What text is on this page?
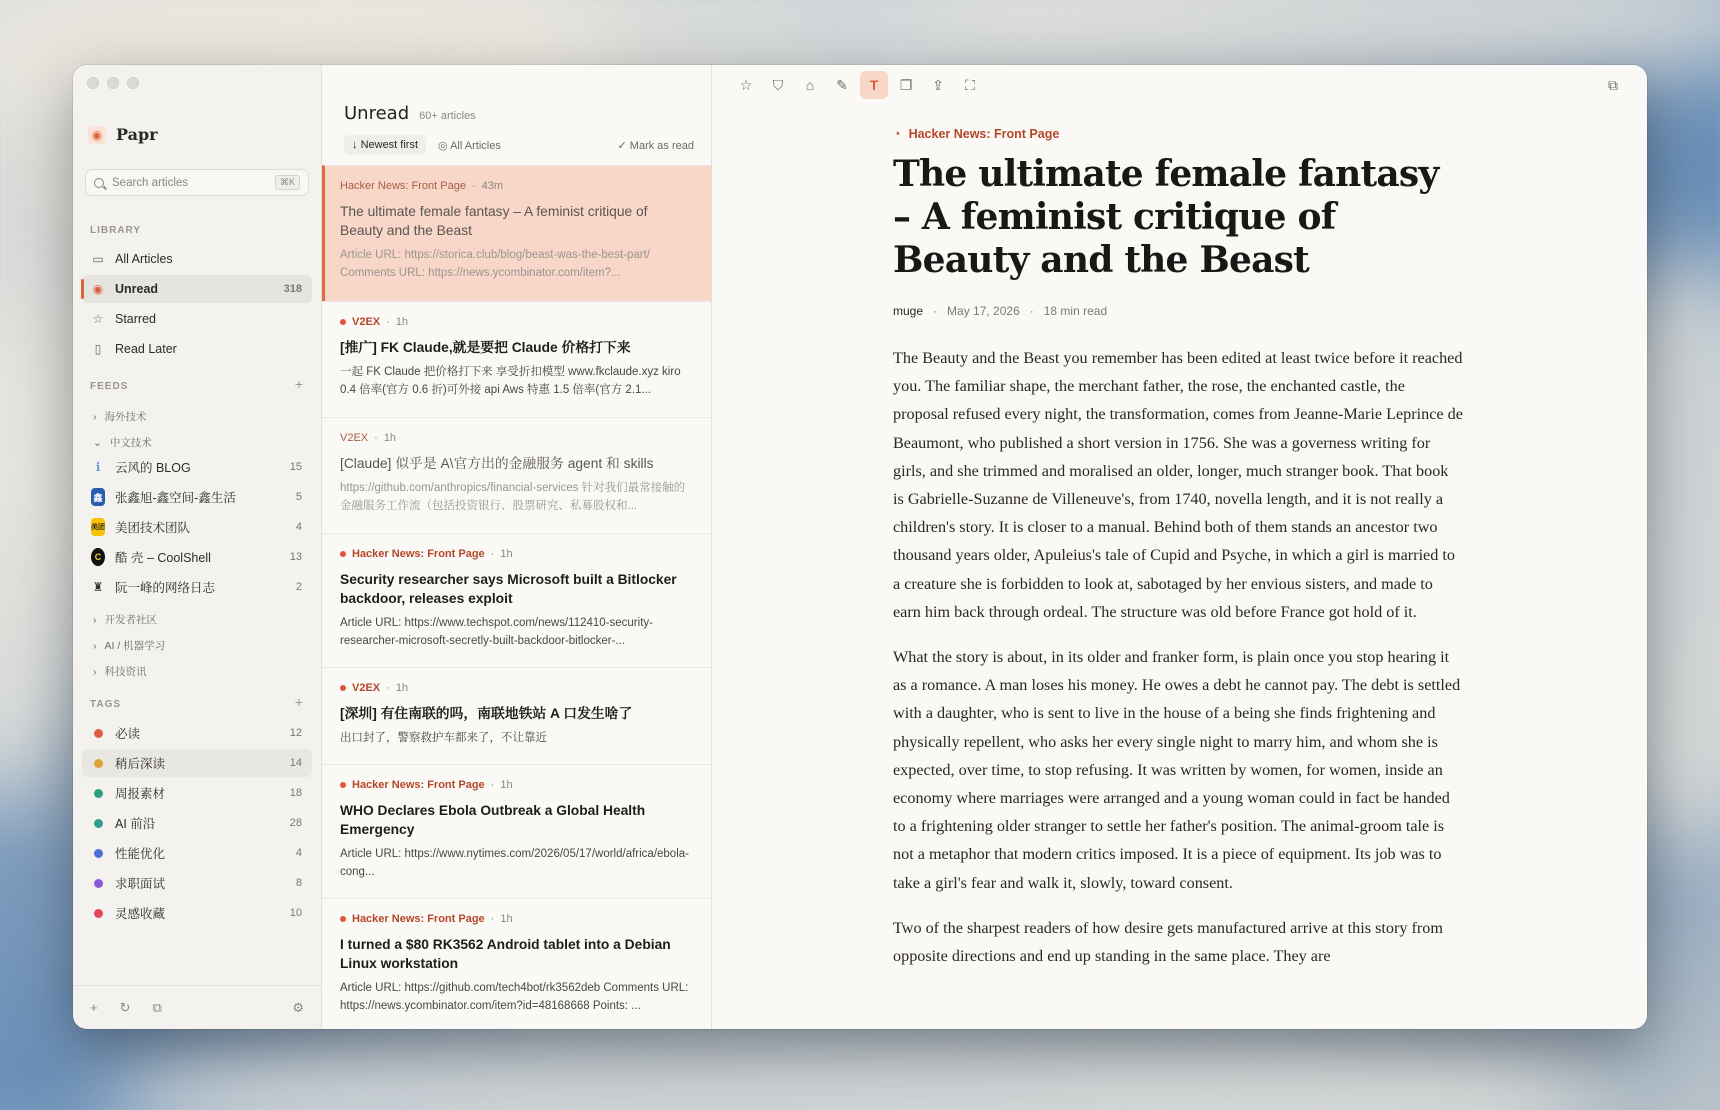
◉ Papr
Search articles	⌘K
LIBRARY
▭ All Articles
◉ Unread	318
☆ Starred
▯ Read Later
FEEDS	+
› 海外技术
⌄ 中文技术
ℹ	云风的 BLOG	15
鑫 张鑫旭-鑫空间-鑫生活	5
美团 美团技术团队	4
C	酷 壳 – CoolShell	13
♜ 阮一峰的网络日志	2
› 开发者社区
› AI / 机器学习
› 科技资讯
TAGS	+
必读	12
稍后深读	14
周报素材	18
AI 前沿	28
性能优化	4
求职面试	8
灵感收藏	10
+ ↻ ⧉	⚙
Unread 60+ articles
↓ Newest first	◎ All Articles	✓ Mark as read
Hacker News: Front Page · 43m
The ultimate female fantasy – A feminist critique of Beauty and the Beast
Article URL: https://storica.club/blog/beast-was-the-best-part/ Comments URL: https://news.ycombinator.com/item?...
V2EX · 1h
[推广] FK Claude,就是要把 Claude 价格打下来
一起 FK Claude 把价格打下来 享受折扣模型 www.fkclaude.xyz kiro 0.4 倍率(官方 0.6 折)可外接 api Aws 特惠 1.5 倍率(官方 2.1...
V2EX · 1h
[Claude] 似乎是 A\官方出的金融服务 agent 和 skills
https://github.com/anthropics/financial-services 针对我们最常接触的金融服务工作流（包括投资银行、股票研究、私募股权和...
Hacker News: Front Page · 1h
Security researcher says Microsoft built a Bitlocker backdoor, releases exploit
Article URL: https://www.techspot.com/news/112410-security-researcher-microsoft-secretly-built-backdoor-bitlocker-...
V2EX · 1h
[深圳] 有住南联的吗，南联地铁站 A 口发生啥了
出口封了，警察救护车都来了，不让靠近
Hacker News: Front Page · 1h
WHO Declares Ebola Outbreak a Global Health Emergency
Article URL: https://www.nytimes.com/2026/05/17/world/africa/ebola-cong...
Hacker News: Front Page · 1h
I turned a $80 RK3562 Android tablet into a Debian Linux workstation
Article URL: https://github.com/tech4bot/rk3562deb Comments URL: https://news.ycombinator.com/item?id=48168668 Points: ...
☆	⛉	⌂	✎	T	❐	⇪	⛶	⧉
◔ Hacker News: Front Page
The ultimate female fantasy – A feminist critique of Beauty and the Beast
muge · May 17, 2026 · 18 min read

The Beauty and the Beast you remember has been edited at least twice before it reached you. The familiar shape, the merchant father, the rose, the enchanted castle, the proposal refused every night, the transformation, comes from Jeanne-Marie Leprince de Beaumont, who published a short version in 1756. She was a governess writing for girls, and she trimmed and moralised an older, longer, much stranger book. That book is Gabrielle-Suzanne de Villeneuve's, from 1740, novella length, and it is not really a children's story. It is closer to a manual. Behind both of them stands an ancestor two thousand years older, Apuleius's tale of Cupid and Psyche, in which a girl is married to a creature she is forbidden to look at, sabotaged by her envious sisters, and made to earn him back through ordeal. The structure was old before France got hold of it.

What the story is about, in its older and franker form, is plain once you stop hearing it as a romance. A man loses his money. He owes a debt he cannot pay. The debt is settled with a daughter, who is sent to live in the house of a being she finds frightening and physically repellent, who asks her every single night to marry him, and whom she is expected, over time, to stop refusing. It was written by women, for women, inside an economy where marriages were arranged and a young woman could in fact be handed to a frightening older stranger to settle her father's position. The animal-groom tale is not a metaphor that modern critics imposed. It is a piece of equipment. Its job was to take a girl's fear and walk it, slowly, toward consent.

Two of the sharpest readers of how desire gets manufactured arrive at this story from opposite directions and end up standing in the same place. They are
